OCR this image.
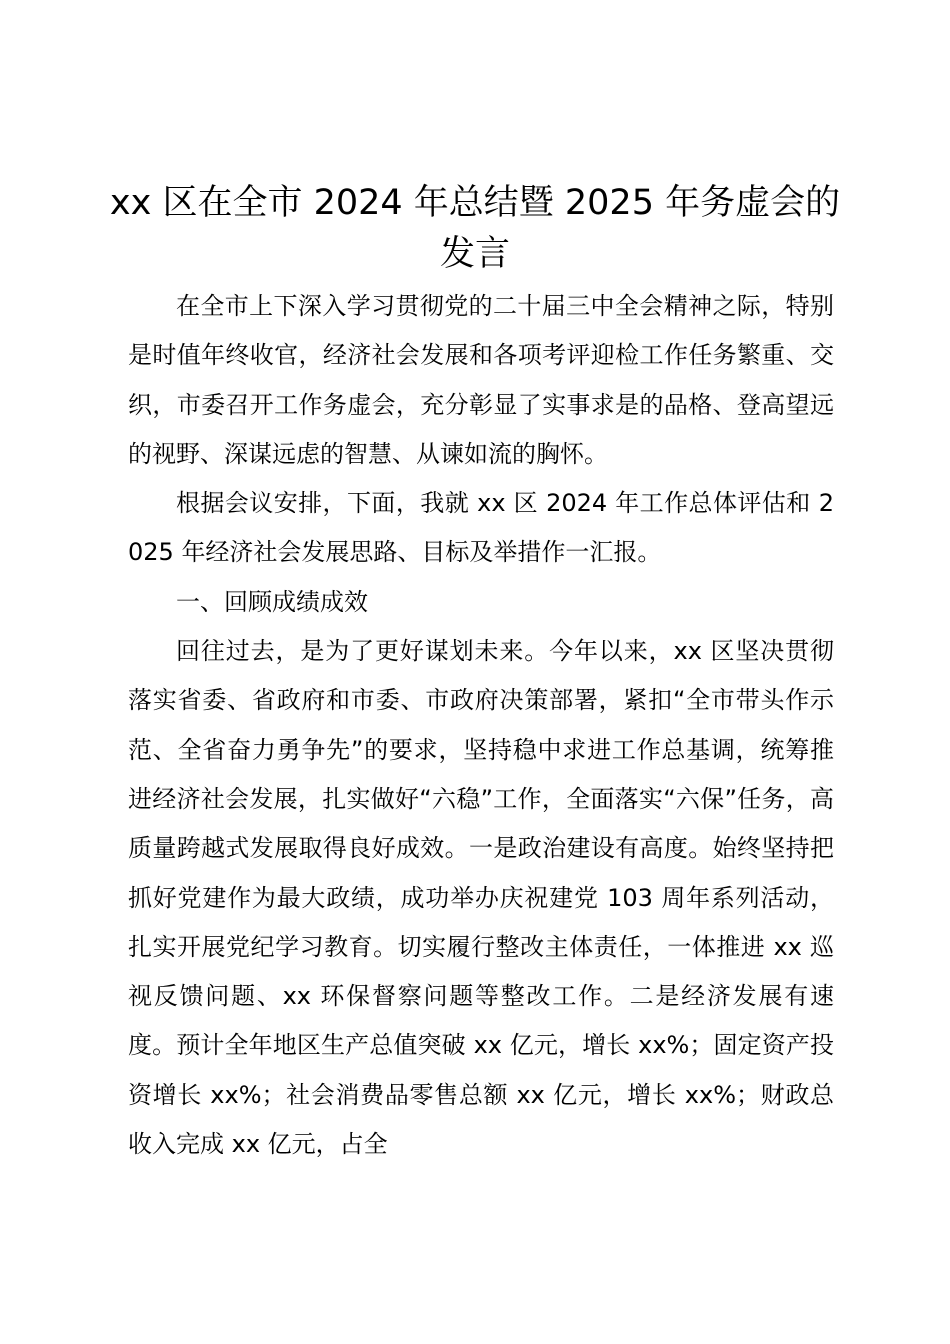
xx 区在全市 2024 年总结暨 2025 年务虚会的发言

在全市上下深入学习贯彻党的二十届三中全会精神之际，特别是时值年终收官，经济社会发展和各项考评迎检工作任务繁重、交织，市委召开工作务虚会，充分彰显了实事求是的品格、登高望远的视野、深谋远虑的智慧、从谏如流的胸怀。

根据会议安排，下面，我就 xx 区 2024 年工作总体评估和 2025 年经济社会发展思路、目标及举措作一汇报。

一、回顾成绩成效

回往过去，是为了更好谋划未来。今年以来，xx 区坚决贯彻落实省委、省政府和市委、市政府决策部署，紧扣“全市带头作示范、全省奋力勇争先”的要求，坚持稳中求进工作总基调，统筹推进经济社会发展，扎实做好“六稳”工作，全面落实“六保”任务，高质量跨越式发展取得良好成效。一是政治建设有高度。始终坚持把抓好党建作为最大政绩，成功举办庆祝建党 103 周年系列活动，扎实开展党纪学习教育。切实履行整改主体责任，一体推进 xx 巡视反馈问题、xx 环保督察问题等整改工作。二是经济发展有速度。预计全年地区生产总值突破 xx 亿元，增长 xx%；固定资产投资增长 xx%；社会消费品零售总额 xx 亿元，增长 xx%；财政总收入完成 xx 亿元，占全
